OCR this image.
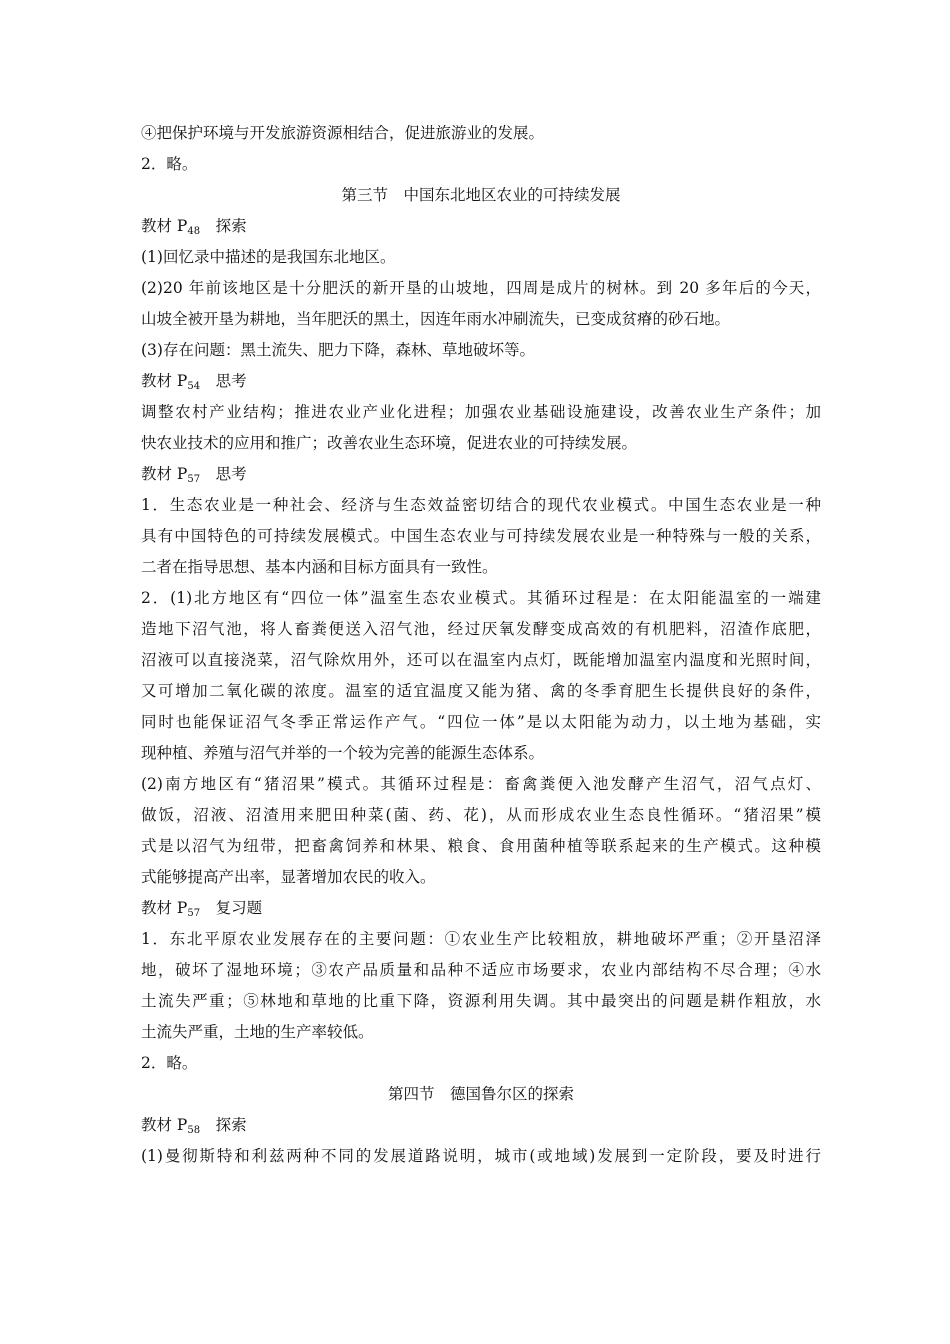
④把保护环境与开发旅游资源相结合，促进旅游业的发展。
2．略。
第三节　中国东北地区农业的可持续发展
教材 $P_{48}$　探索
(1)回忆录中描述的是我国东北地区。
(2)20 年前该地区是十分肥沃的新开垦的山坡地，四周是成片的树林。到 20 多年后的今天，
山坡全被开垦为耕地，当年肥沃的黑土，因连年雨水冲刷流失，已变成贫瘠的砂石地。
(3)存在问题：黑土流失、肥力下降，森林、草地破坏等。
教材 $P_{54}$　思考
调整农村产业结构；推进农业产业化进程；加强农业基础设施建设，改善农业生产条件；加
快农业技术的应用和推广；改善农业生态环境，促进农业的可持续发展。
教材 $P_{57}$　思考
1．生态农业是一种社会、经济与生态效益密切结合的现代农业模式。中国生态农业是一种
具有中国特色的可持续发展模式。中国生态农业与可持续发展农业是一种特殊与一般的关系，
二者在指导思想、基本内涵和目标方面具有一致性。
2．(1)北方地区有“四位一体”温室生态农业模式。其循环过程是：在太阳能温室的一端建
造地下沼气池，将人畜粪便送入沼气池，经过厌氧发酵变成高效的有机肥料，沼渣作底肥，
沼液可以直接浇菜，沼气除炊用外，还可以在温室内点灯，既能增加温室内温度和光照时间，
又可增加二氧化碳的浓度。温室的适宜温度又能为猪、禽的冬季育肥生长提供良好的条件，
同时也能保证沼气冬季正常运作产气。“四位一体”是以太阳能为动力，以土地为基础，实
现种植、养殖与沼气并举的一个较为完善的能源生态体系。
(2)南方地区有“猪沼果”模式。其循环过程是：畜禽粪便入池发酵产生沼气，沼气点灯、
做饭，沼液、沼渣用来肥田种菜(菌、药、花)，从而形成农业生态良性循环。“猪沼果”模
式是以沼气为纽带，把畜禽饲养和林果、粮食、食用菌种植等联系起来的生产模式。这种模
式能够提高产出率，显著增加农民的收入。
教材 $P_{57}$　复习题
1．东北平原农业发展存在的主要问题：①农业生产比较粗放，耕地破坏严重；②开垦沼泽
地，破坏了湿地环境；③农产品质量和品种不适应市场要求，农业内部结构不尽合理；④水
土流失严重；⑤林地和草地的比重下降，资源利用失调。其中最突出的问题是耕作粗放，水
土流失严重，土地的生产率较低。
2．略。
第四节　德国鲁尔区的探索
教材 $P_{58}$　探索
(1)曼彻斯特和利兹两种不同的发展道路说明，城市(或地域)发展到一定阶段，要及时进行
